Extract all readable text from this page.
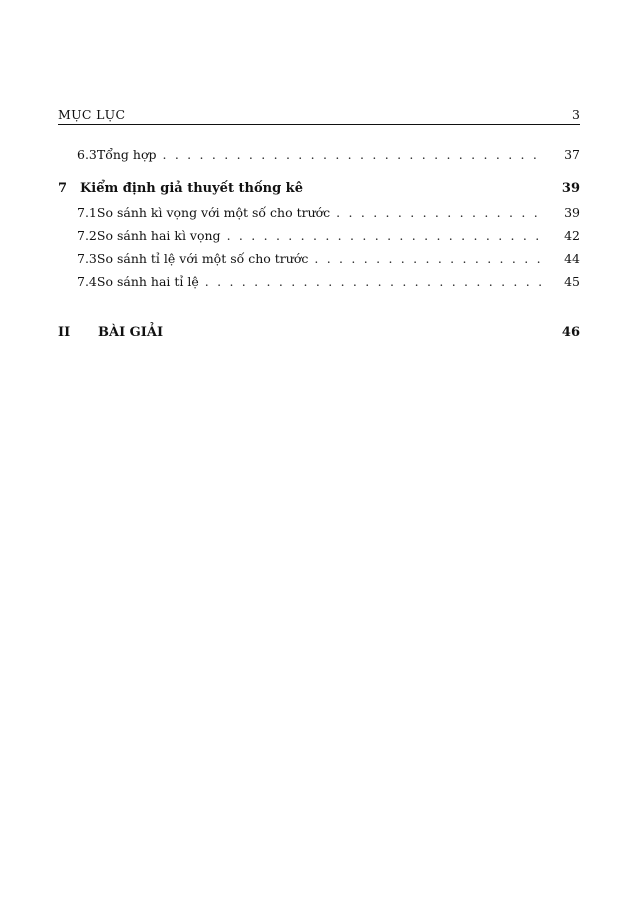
MỤC LỤC	3
6.3 Tổng hợp . . .	37
7 Kiểm định giả thuyết thống kê	39
7.1 So sánh kì vọng với một số cho trước . . .	39
7.2 So sánh hai kì vọng . . .	42
7.3 So sánh tỉ lệ với một số cho trước . . .	44
7.4 So sánh hai tỉ lệ . . .	45
II	BÀI GIẢI	46
